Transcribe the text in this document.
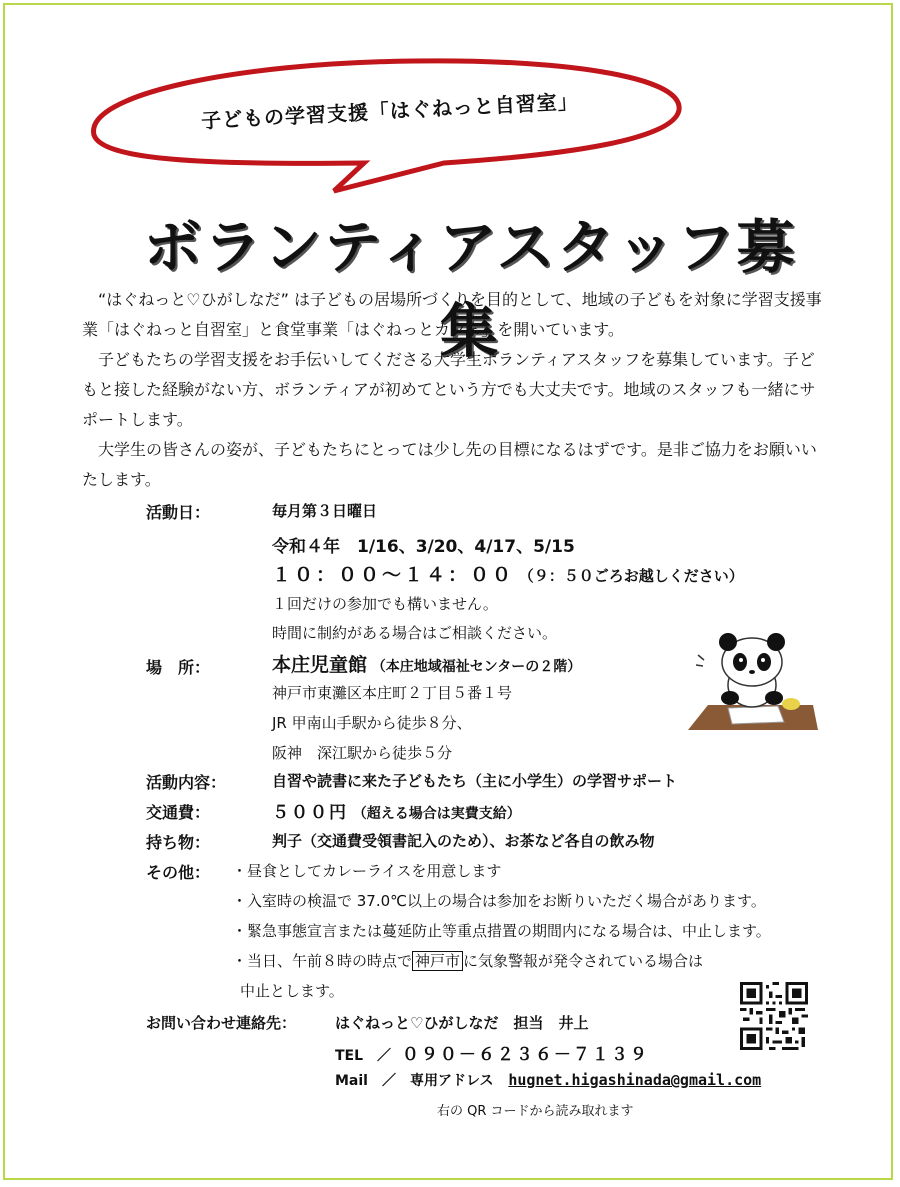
子どもの学習支援「はぐねっと自習室」
ボランティアスタッフ募集

“はぐねっと♡ひがしなだ” は子どもの居場所づくりを目的として、地域の子どもを対象に学習支援事業「はぐねっと自習室」と食堂事業「はぐねっとカフェ」を開いています。

子どもたちの学習支援をお手伝いしてくださる大学生ボランティアスタッフを募集しています。子どもと接した経験がない方、ボランティアが初めてという方でも大丈夫です。地域のスタッフも一緒にサポートします。

大学生の皆さんの姿が、子どもたちにとっては少し先の目標になるはずです。是非ご協力をお願いいたします。

活動日：	毎月第３日曜日
令和４年　1/16、3/20、4/17、5/15
１０：００～１４：００ （９：５０ごろお越しください）
１回だけの参加でも構いません。
時間に制約がある場合はご相談ください。
場　所：	本庄児童館 （本庄地域福祉センターの２階）
神戸市東灘区本庄町２丁目５番１号
JR 甲南山手駅から徒歩８分、
阪神　深江駅から徒歩５分
活動内容：	自習や読書に来た子どもたち（主に小学生）の学習サポート
交通費：	５００円 （超える場合は実費支給）
持ち物：	判子（交通費受領書記入のため）、お茶など各自の飲み物
その他： ・昼食としてカレーライスを用意します
・入室時の検温で 37.0℃以上の場合は参加をお断りいただく場合があります。
・緊急事態宣言または蔓延防止等重点措置の期間内になる場合は、中止します。
・当日、午前８時の時点で 神戸市 に気象警報が発令されている場合は
中止とします。
お問い合わせ連絡先：	はぐねっと♡ひがしなだ　担当　井上
TEL　／ ０９０－６２３６－７１３９
Mail　／　専用アドレス hugnet.higashinada@gmail.com
右の QR コードから読み取れます
